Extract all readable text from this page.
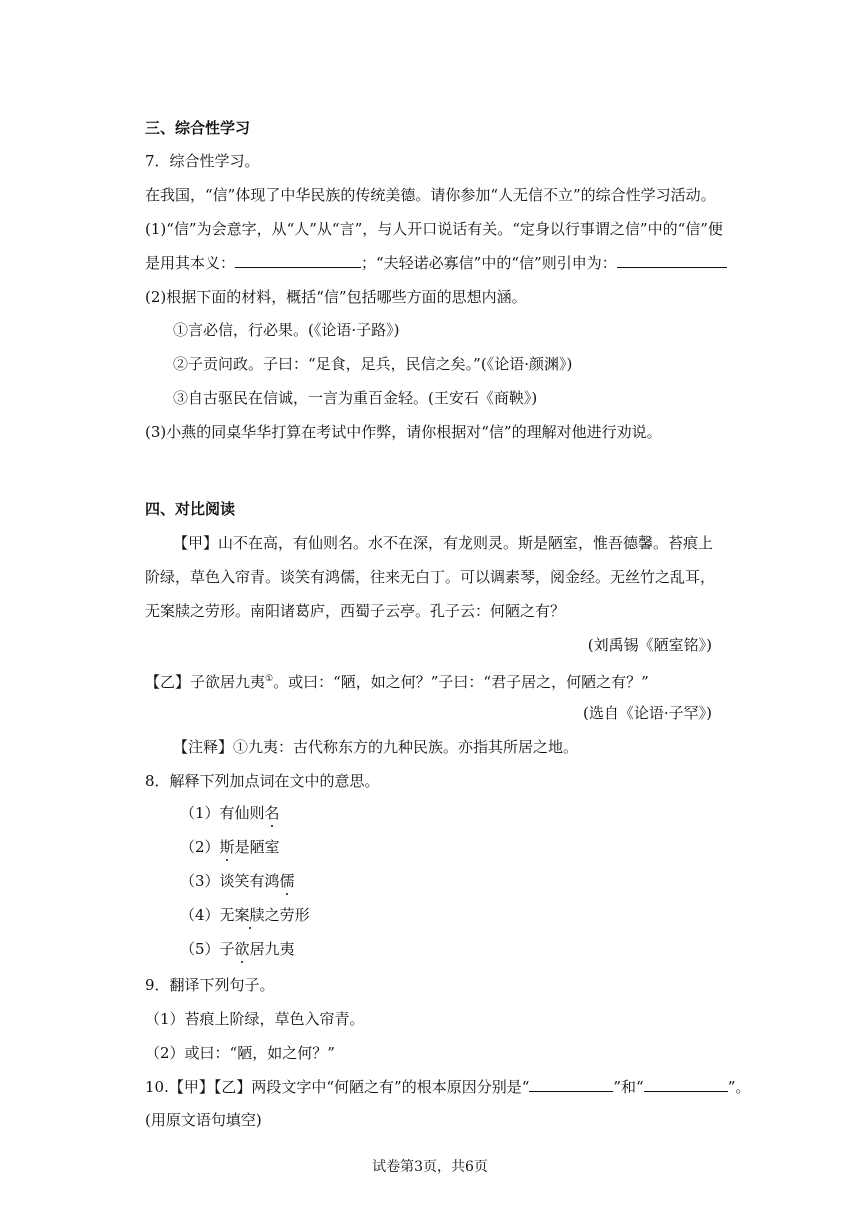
三、综合性学习
7．综合性学习。
在我国，“信”体现了中华民族的传统美德。请你参加“人无信不立”的综合性学习活动。
(1)“信”为会意字，从“人”从“言”，与人开口说话有关。“定身以行事谓之信”中的“信”便
是用其本义：	；“夫轻诺必寡信”中的“信”则引申为：
(2)根据下面的材料，概括“信”包括哪些方面的思想内涵。
①言必信，行必果。(《论语·子路》)
②子贡问政。子曰：“足食，足兵，民信之矣。”(《论语·颜渊》)
③自古驱民在信诚，一言为重百金轻。(王安石《商鞅》)
(3)小燕的同桌华华打算在考试中作弊，请你根据对“信”的理解对他进行劝说。
四、对比阅读
【甲】山不在高，有仙则名。水不在深，有龙则灵。斯是陋室，惟吾德馨。苔痕上
阶绿，草色入帘青。谈笑有鸿儒，往来无白丁。可以调素琴，阅金经。无丝竹之乱耳，
无案牍之劳形。南阳诸葛庐，西蜀子云亭。孔子云：何陋之有？
(刘禹锡《陋室铭》)
【乙】子欲居九夷①。或曰：“陋，如之何？”子曰：“君子居之，何陋之有？”
(选自《论语·子罕》)
【注释】①九夷：古代称东方的九种民族。亦指其所居之地。
8．解释下列加点词在文中的意思。
（1）有仙则名
（2）斯是陋室
（3）谈笑有鸿儒
（4）无案牍之劳形
（5）子欲居九夷
9．翻译下列句子。
（1）苔痕上阶绿，草色入帘青。
（2）或曰：“陋，如之何？”
10.【甲】【乙】两段文字中“何陋之有”的根本原因分别是“	”和“	”。
(用原文语句填空)
试卷第3页，共6页
